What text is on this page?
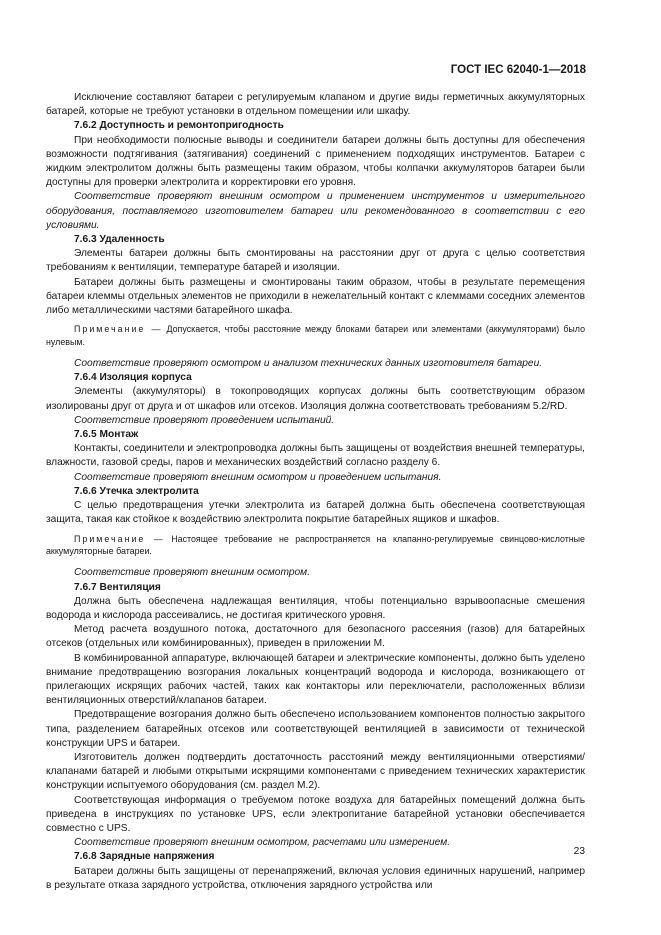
ГОСТ IEC 62040-1—2018

Исключение составляют батареи с регулируемым клапаном и другие виды герметичных аккумуляторных батарей, которые не требуют установки в отдельном помещении или шкафу.

7.6.2 Доступность и ремонтопригодность

При необходимости полюсные выводы и соединители батареи должны быть доступны для обеспечения возможности подтягивания (затягивания) соединений с применением подходящих инструментов. Батареи с жидким электролитом должны быть размещены таким образом, чтобы колпачки аккумуляторов батареи были доступны для проверки электролита и корректировки его уровня.

Соответствие проверяют внешним осмотром и применением инструментов и измерительного оборудования, поставляемого изготовителем батареи или рекомендованного в соответствии с его условиями.

7.6.3 Удаленность

Элементы батареи должны быть смонтированы на расстоянии друг от друга с целью соответствия требованиям к вентиляции, температуре батарей и изоляции.

Батареи должны быть размещены и смонтированы таким образом, чтобы в результате перемещения батареи клеммы отдельных элементов не приходили в нежелательный контакт с клеммами соседних элементов либо металлическими частями батарейного шкафа.

Примечание — Допускается, чтобы расстояние между блоками батареи или элементами (аккумуляторами) было нулевым.

Соответствие проверяют осмотром и анализом технических данных изготовителя батареи.

7.6.4 Изоляция корпуса

Элементы (аккумуляторы) в токопроводящих корпусах должны быть соответствующим образом изолированы друг от друга и от шкафов или отсеков. Изоляция должна соответствовать требованиям 5.2/RD.

Соответствие проверяют проведением испытаний.

7.6.5 Монтаж

Контакты, соединители и электропроводка должны быть защищены от воздействия внешней температуры, влажности, газовой среды, паров и механических воздействий согласно разделу 6.

Соответствие проверяют внешним осмотром и проведением испытания.

7.6.6 Утечка электролита

С целью предотвращения утечки электролита из батарей должна быть обеспечена соответствующая защита, такая как стойкое к воздействию электролита покрытие батарейных ящиков и шкафов.

Примечание — Настоящее требование не распространяется на клапанно-регулируемые свинцово-кислотные аккумуляторные батареи.

Соответствие проверяют внешним осмотром.

7.6.7 Вентиляция

Должна быть обеспечена надлежащая вентиляция, чтобы потенциально взрывоопасные смешения водорода и кислорода рассеивались, не достигая критического уровня.

Метод расчета воздушного потока, достаточного для безопасного рассеяния (газов) для батарейных отсеков (отдельных или комбинированных), приведен в приложении М.

В комбинированной аппаратуре, включающей батареи и электрические компоненты, должно быть уделено внимание предотвращению возгорания локальных концентраций водорода и кислорода, возникающего от прилегающих искрящих рабочих частей, таких как контакторы или переключатели, расположенных вблизи вентиляционных отверстий/клапанов батареи.

Предотвращение возгорания должно быть обеспечено использованием компонентов полностью закрытого типа, разделением батарейных отсеков или соответствующей вентиляцией в зависимости от технической конструкции UPS и батареи.

Изготовитель должен подтвердить достаточность расстояний между вентиляционными отверстиями/клапанами батарей и любыми открытыми искрящими компонентами с приведением технических характеристик конструкции испытуемого оборудования (см. раздел М.2).

Соответствующая информация о требуемом потоке воздуха для батарейных помещений должна быть приведена в инструкциях по установке UPS, если электропитание батарейной установки обеспечивается совместно с UPS.

Соответствие проверяют внешним осмотром, расчетами или измерением.

7.6.8 Зарядные напряжения

Батареи должны быть защищены от перенапряжений, включая условия единичных нарушений, например в результате отказа зарядного устройства, отключения зарядного устройства или

23
